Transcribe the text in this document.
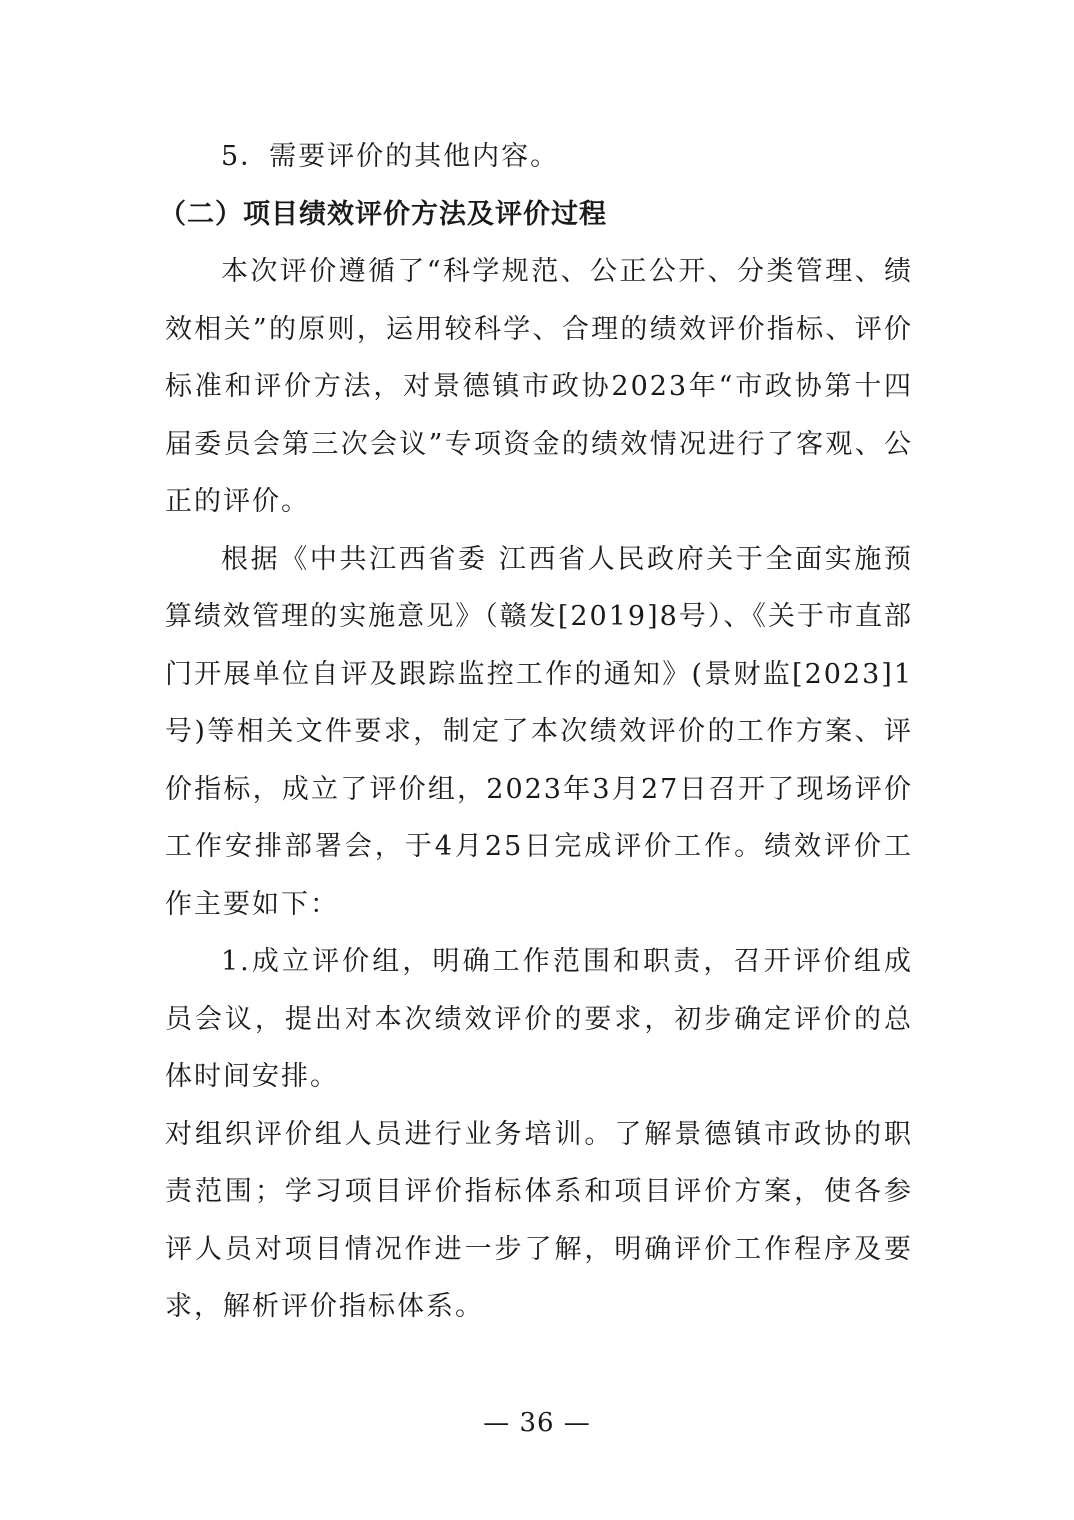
5．需要评价的其他内容。

（二）项目绩效评价方法及评价过程

本次评价遵循了“科学规范、公正公开、分类管理、绩效相关”的原则，运用较科学、合理的绩效评价指标、评价标准和评价方法，对景德镇市政协2023年“市政协第十四届委员会第三次会议”专项资金的绩效情况进行了客观、公正的评价。

根据《中共江西省委 江西省人民政府关于全面实施预算绩效管理的实施意见》（赣发[2019]8号）、《关于市直部门开展单位自评及跟踪监控工作的通知》(景财监[2023]1号)等相关文件要求，制定了本次绩效评价的工作方案、评价指标，成立了评价组，2023年3月27日召开了现场评价工作安排部署会，于4月25日完成评价工作。绩效评价工作主要如下：

1.成立评价组，明确工作范围和职责，召开评价组成员会议，提出对本次绩效评价的要求，初步确定评价的总体时间安排。

对组织评价组人员进行业务培训。了解景德镇市政协的职责范围；学习项目评价指标体系和项目评价方案，使各参评人员对项目情况作进一步了解，明确评价工作程序及要求，解析评价指标体系。

— 36 —
